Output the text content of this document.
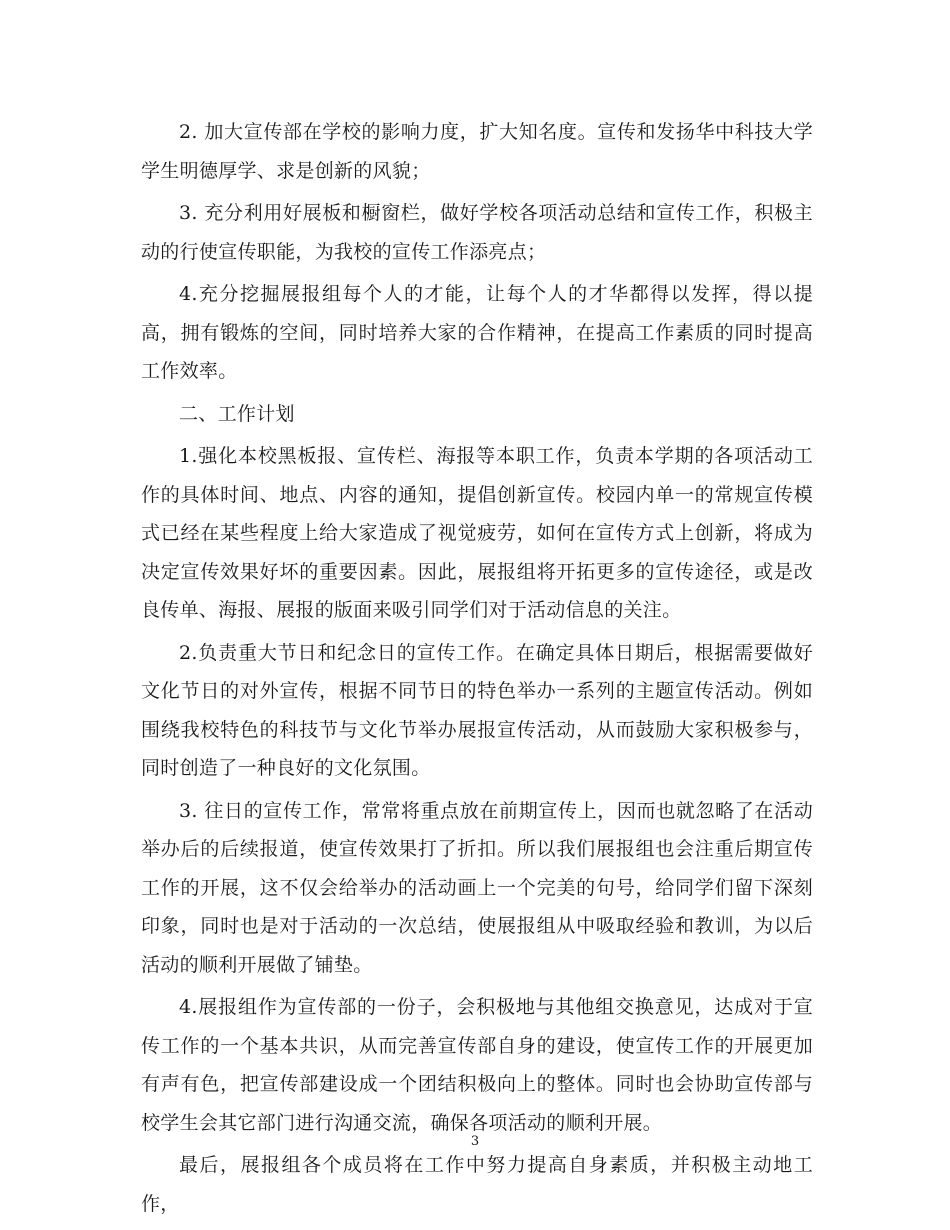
2. 加大宣传部在学校的影响力度，扩大知名度。宣传和发扬华中科技大学学生明德厚学、求是创新的风貌；

3. 充分利用好展板和橱窗栏，做好学校各项活动总结和宣传工作，积极主动的行使宣传职能，为我校的宣传工作添亮点；

4.充分挖掘展报组每个人的才能，让每个人的才华都得以发挥，得以提高，拥有锻炼的空间，同时培养大家的合作精神，在提高工作素质的同时提高工作效率。

二、工作计划

1.强化本校黑板报、宣传栏、海报等本职工作，负责本学期的各项活动工作的具体时间、地点、内容的通知，提倡创新宣传。校园内单一的常规宣传模式已经在某些程度上给大家造成了视觉疲劳，如何在宣传方式上创新，将成为决定宣传效果好坏的重要因素。因此，展报组将开拓更多的宣传途径，或是改良传单、海报、展报的版面来吸引同学们对于活动信息的关注。

2.负责重大节日和纪念日的宣传工作。在确定具体日期后，根据需要做好文化节日的对外宣传，根据不同节日的特色举办一系列的主题宣传活动。例如围绕我校特色的科技节与文化节举办展报宣传活动，从而鼓励大家积极参与，同时创造了一种良好的文化氛围。

3. 往日的宣传工作，常常将重点放在前期宣传上，因而也就忽略了在活动举办后的后续报道，使宣传效果打了折扣。所以我们展报组也会注重后期宣传工作的开展，这不仅会给举办的活动画上一个完美的句号，给同学们留下深刻印象，同时也是对于活动的一次总结，使展报组从中吸取经验和教训，为以后活动的顺利开展做了铺垫。

4.展报组作为宣传部的一份子，会积极地与其他组交换意见，达成对于宣传工作的一个基本共识，从而完善宣传部自身的建设，使宣传工作的开展更加有声有色，把宣传部建设成一个团结积极向上的整体。同时也会协助宣传部与校学生会其它部门进行沟通交流，确保各项活动的顺利开展。

最后，展报组各个成员将在工作中努力提高自身素质，并积极主动地工作，

3
